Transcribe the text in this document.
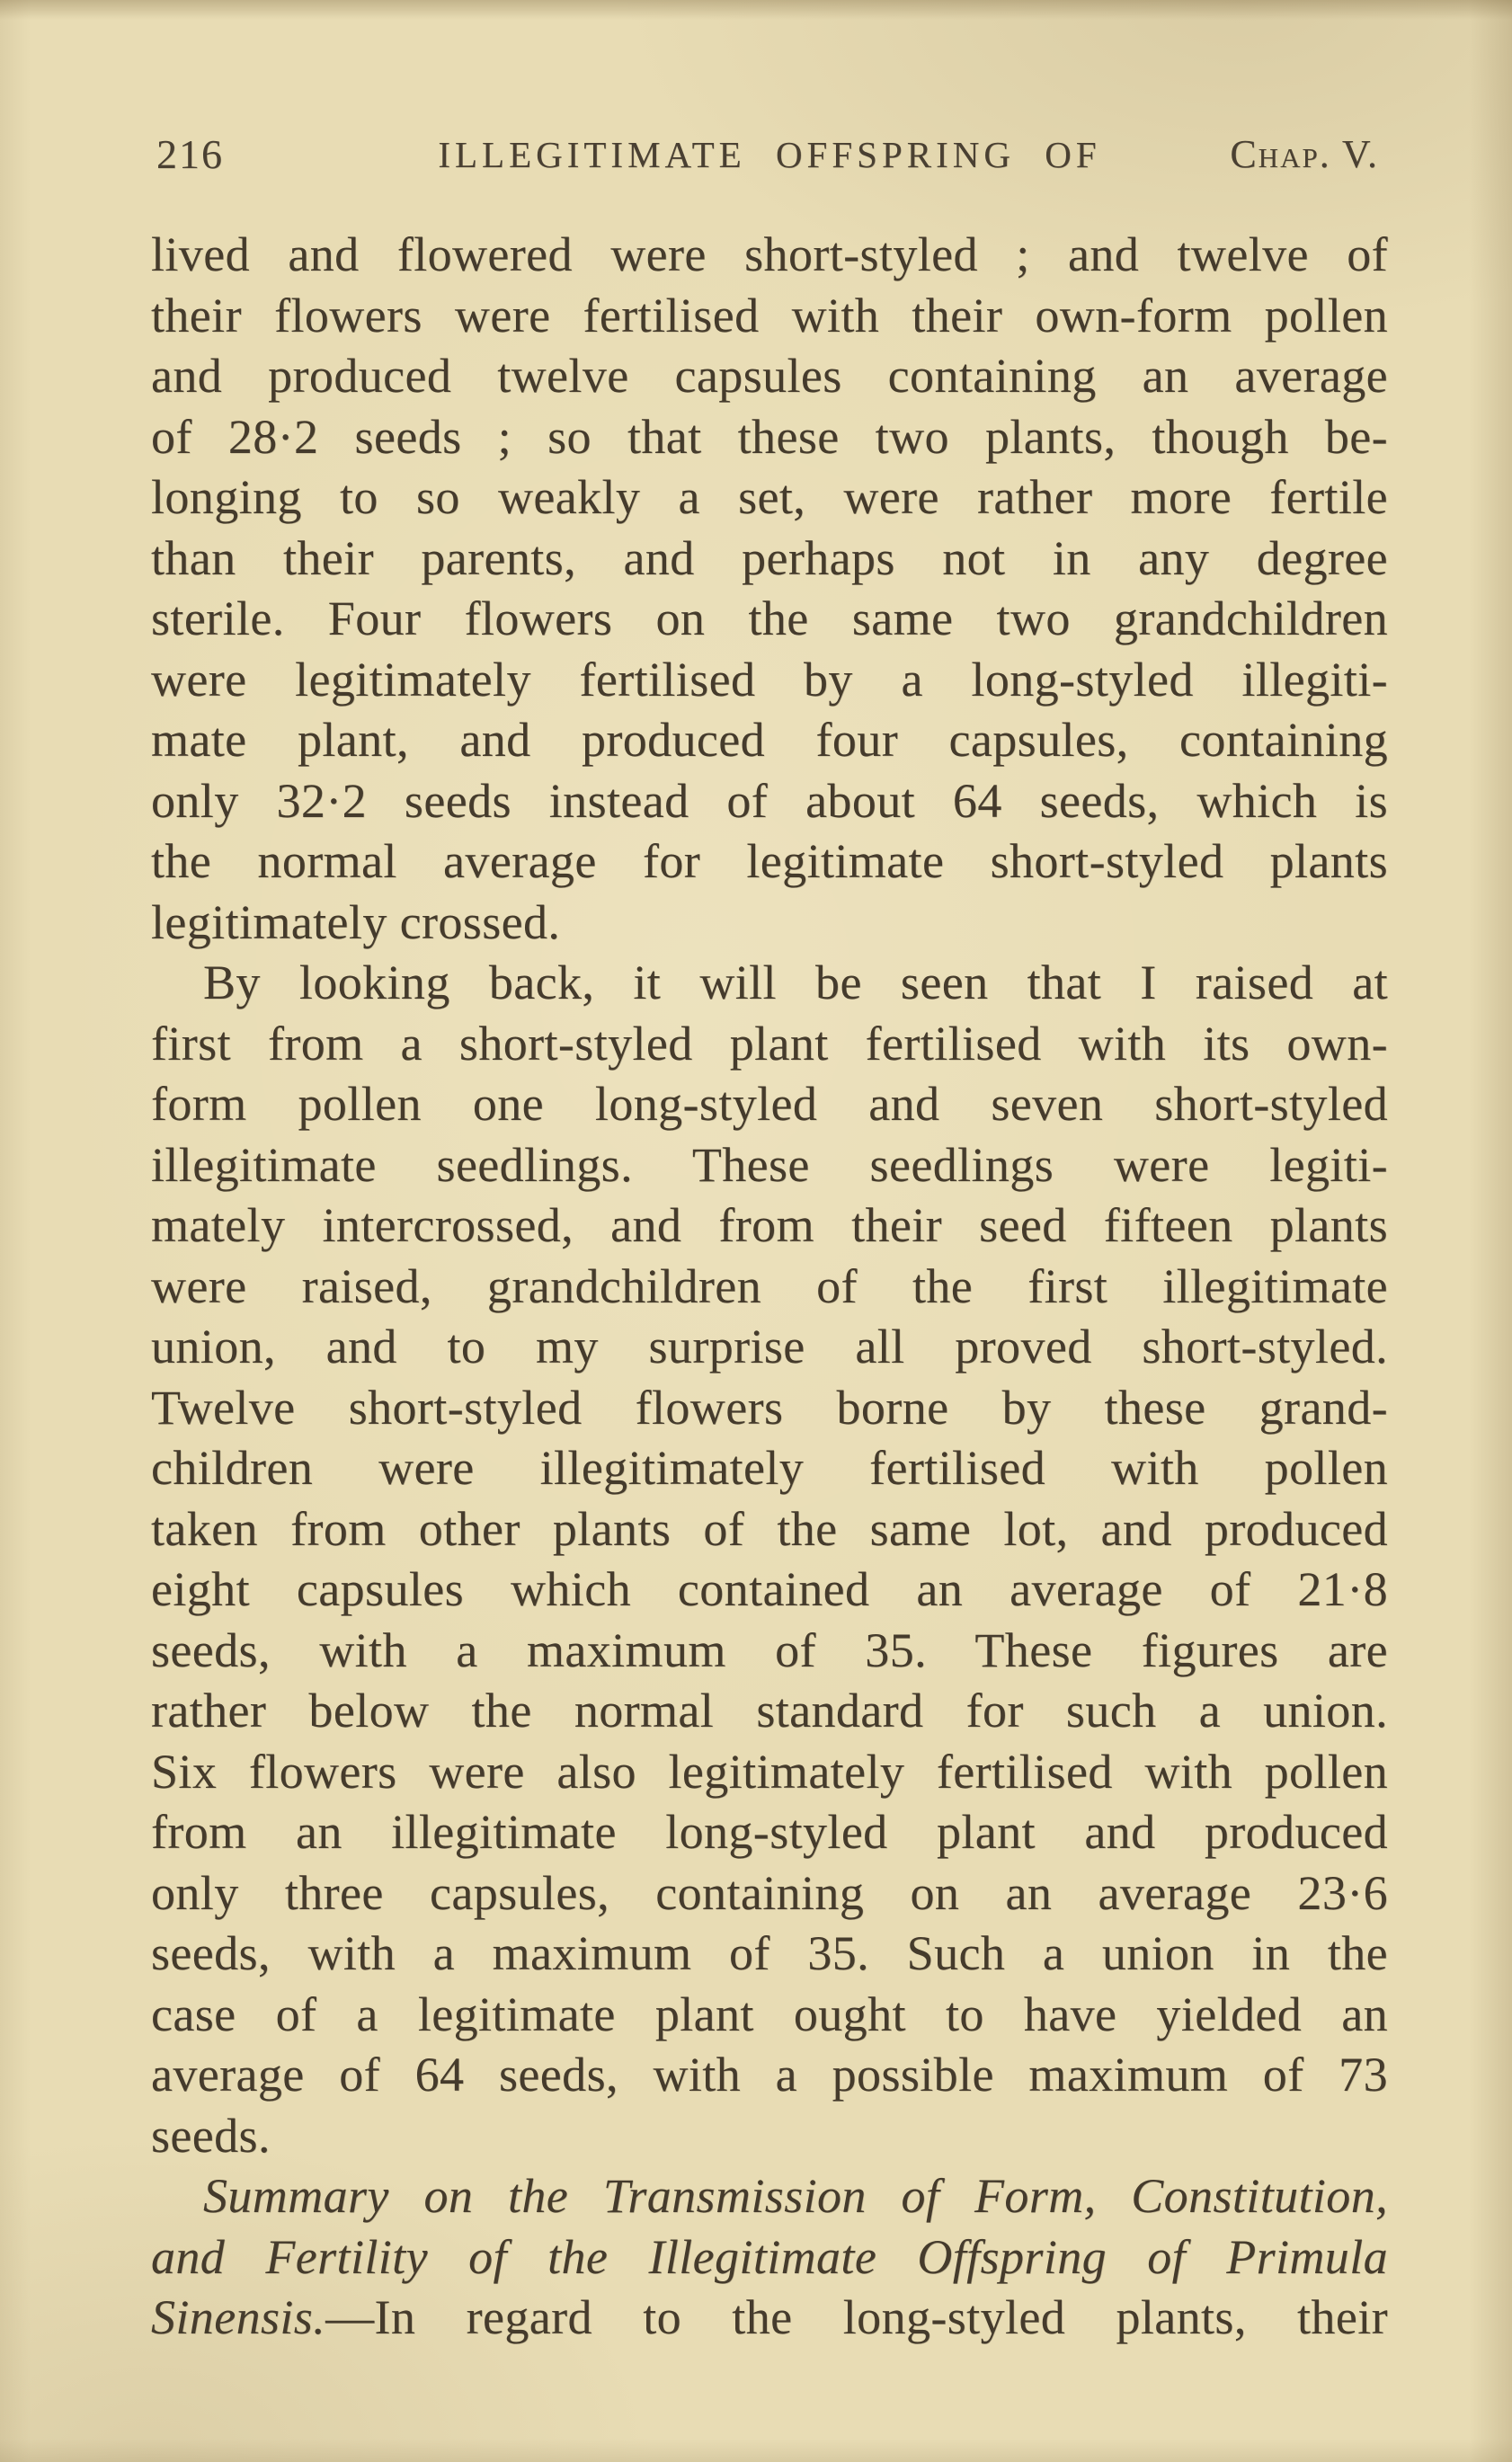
216	ILLEGITIMATE OFFSPRING OF	Chap. V.
lived and flowered were short-styled ; and twelve of
their flowers were fertilised with their own-form pollen
and produced twelve capsules containing an average
of 28·2 seeds ; so that these two plants, though be-
longing to so weakly a set, were rather more fertile
than their parents, and perhaps not in any degree
sterile. Four flowers on the same two grandchildren
were legitimately fertilised by a long-styled illegiti-
mate plant, and produced four capsules, containing
only 32·2 seeds instead of about 64 seeds, which is
the normal average for legitimate short-styled plants
legitimately crossed.
By looking back, it will be seen that I raised at
first from a short-styled plant fertilised with its own-
form pollen one long-styled and seven short-styled
illegitimate seedlings. These seedlings were legiti-
mately intercrossed, and from their seed fifteen plants
were raised, grandchildren of the first illegitimate
union, and to my surprise all proved short-styled.
Twelve short-styled flowers borne by these grand-
children were illegitimately fertilised with pollen
taken from other plants of the same lot, and produced
eight capsules which contained an average of 21·8
seeds, with a maximum of 35. These figures are
rather below the normal standard for such a union.
Six flowers were also legitimately fertilised with pollen
from an illegitimate long-styled plant and produced
only three capsules, containing on an average 23·6
seeds, with a maximum of 35. Such a union in the
case of a legitimate plant ought to have yielded an
average of 64 seeds, with a possible maximum of 73
seeds.
Summary on the Transmission of Form, Constitution,
and Fertility of the Illegitimate Offspring of Primula
Sinensis.—In regard to the long-styled plants, their
